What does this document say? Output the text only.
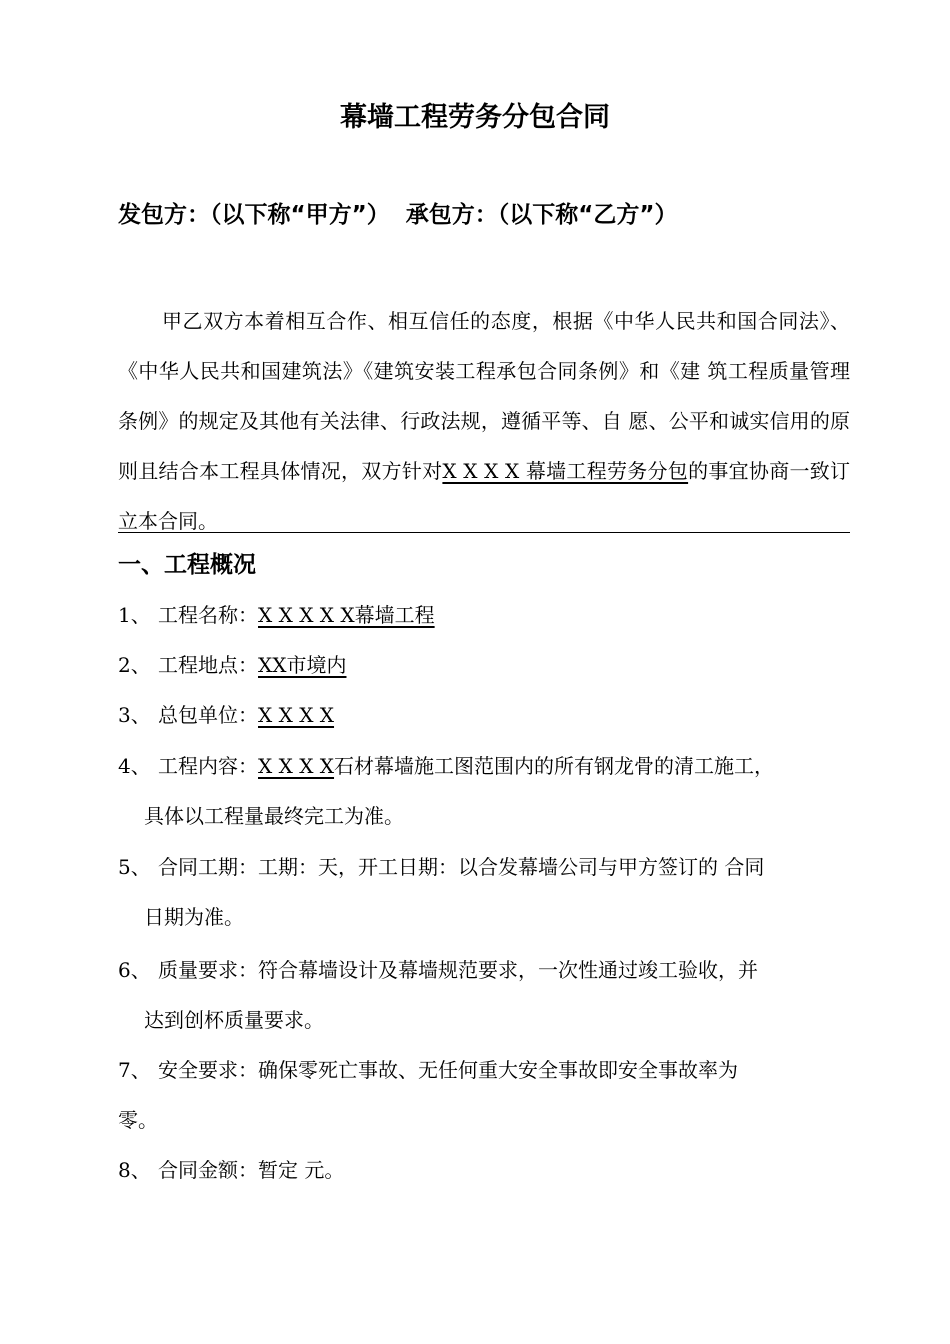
幕墙工程劳务分包合同
发包方：（以下称“甲方”） 承包方：（以下称“乙方”）
甲乙双方本着相互合作、相互信任的态度，根据《中华人民共和国合同法》、《中华人民共和国建筑法》《建筑安装工程承包合同条例》和《建 筑工程质量管理条例》的规定及其他有关法律、行政法规，遵循平等、自 愿、公平和诚实信用的原则且结合本工程具体情况，双方针对X X X X 幕墙工程劳务分包的事宜协商一致订立本合同。
一、工程概况
1、 工程名称：X X X X X幕墙工程
2、 工程地点：XX市境内
3、 总包单位：X X X X
4、 工程内容：X X X X石材幕墙施工图范围内的所有钢龙骨的清工施工，
具体以工程量最终完工为准。
5、 合同工期：工期：天，开工日期：以合发幕墙公司与甲方签订的 合同
日期为准。
6、 质量要求：符合幕墙设计及幕墙规范要求，一次性通过竣工验收，并
达到创杯质量要求。
7、 安全要求：确保零死亡事故、无任何重大安全事故即安全事故率为
零。
8、 合同金额：暂定 元。
